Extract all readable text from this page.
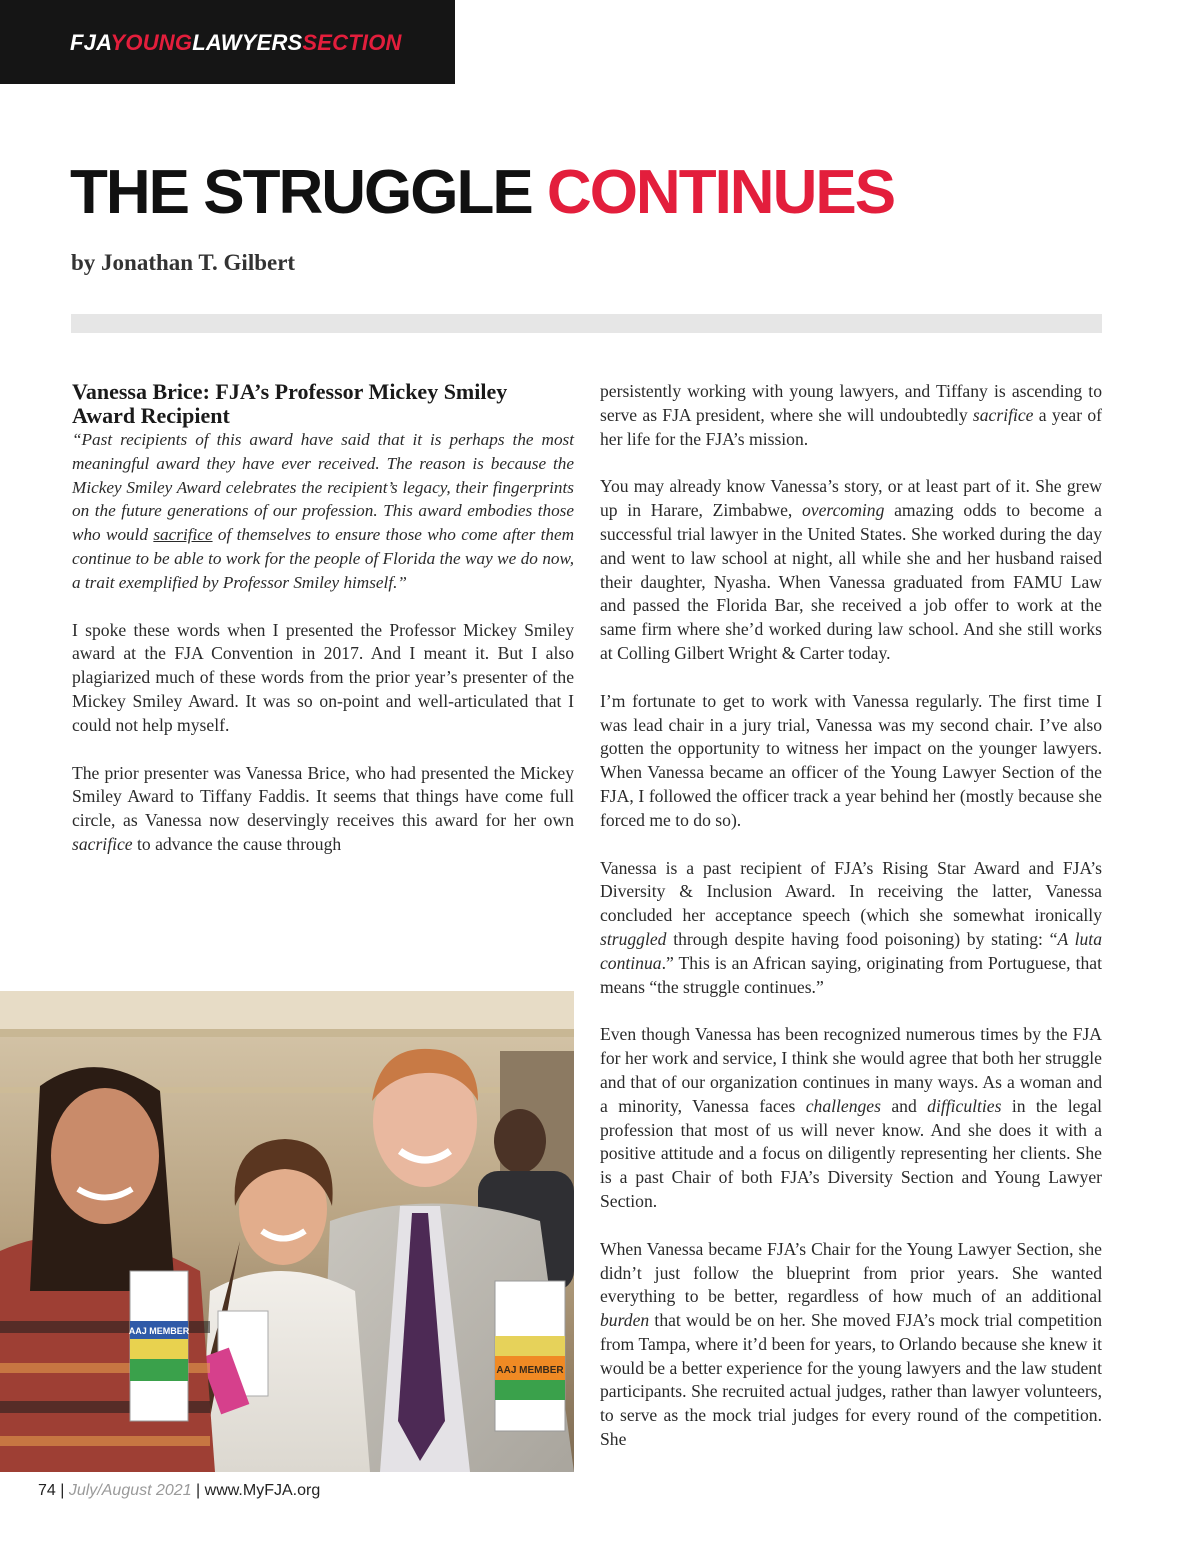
FJAYOUNGLAWYERSSECTION
THE STRUGGLE CONTINUES
by Jonathan T. Gilbert
Vanessa Brice: FJA’s Professor Mickey Smiley Award Recipient

“Past recipients of this award have said that it is perhaps the most meaningful award they have ever received. The reason is because the Mickey Smiley Award celebrates the recipient’s legacy, their fingerprints on the future generations of our profession. This award embodies those who would sacrifice of themselves to ensure those who come after them continue to be able to work for the people of Florida the way we do now, a trait exemplified by Professor Smiley himself.”

I spoke these words when I presented the Professor Mickey Smiley award at the FJA Convention in 2017. And I meant it. But I also plagiarized much of these words from the prior year’s presenter of the Mickey Smiley Award. It was so on-point and well-articulated that I could not help myself.

The prior presenter was Vanessa Brice, who had presented the Mickey Smiley Award to Tiffany Faddis. It seems that things have come full circle, as Vanessa now deservingly receives this award for her own sacrifice to advance the cause through

AAJ MEMBER
AAJ MEMBER

persistently working with young lawyers, and Tiffany is ascending to serve as FJA president, where she will undoubtedly sacrifice a year of her life for the FJA’s mission.

You may already know Vanessa’s story, or at least part of it. She grew up in Harare, Zimbabwe, overcoming amazing odds to become a successful trial lawyer in the United States. She worked during the day and went to law school at night, all while she and her husband raised their daughter, Nyasha. When Vanessa graduated from FAMU Law and passed the Florida Bar, she received a job offer to work at the same firm where she’d worked during law school. And she still works at Colling Gilbert Wright & Carter today.

I’m fortunate to get to work with Vanessa regularly. The first time I was lead chair in a jury trial, Vanessa was my second chair. I’ve also gotten the opportunity to witness her impact on the younger lawyers. When Vanessa became an officer of the Young Lawyer Section of the FJA, I followed the officer track a year behind her (mostly because she forced me to do so).

Vanessa is a past recipient of FJA’s Rising Star Award and FJA’s Diversity & Inclusion Award. In receiving the latter, Vanessa concluded her acceptance speech (which she somewhat ironically struggled through despite having food poisoning) by stating: “A luta continua.” This is an African saying, originating from Portuguese, that means “the struggle continues.”

Even though Vanessa has been recognized numerous times by the FJA for her work and service, I think she would agree that both her struggle and that of our organization continues in many ways. As a woman and a minority, Vanessa faces challenges and difficulties in the legal profession that most of us will never know. And she does it with a positive attitude and a focus on diligently representing her clients. She is a past Chair of both FJA’s Diversity Section and Young Lawyer Section.

When Vanessa became FJA’s Chair for the Young Lawyer Section, she didn’t just follow the blueprint from prior years. She wanted everything to be better, regardless of how much of an additional burden that would be on her. She moved FJA’s mock trial competition from Tampa, where it’d been for years, to Orlando because she knew it would be a better experience for the young lawyers and the law student participants. She recruited actual judges, rather than lawyer volunteers, to serve as the mock trial judges for every round of the competition. She

74 | July/August 2021 | www.MyFJA.org
